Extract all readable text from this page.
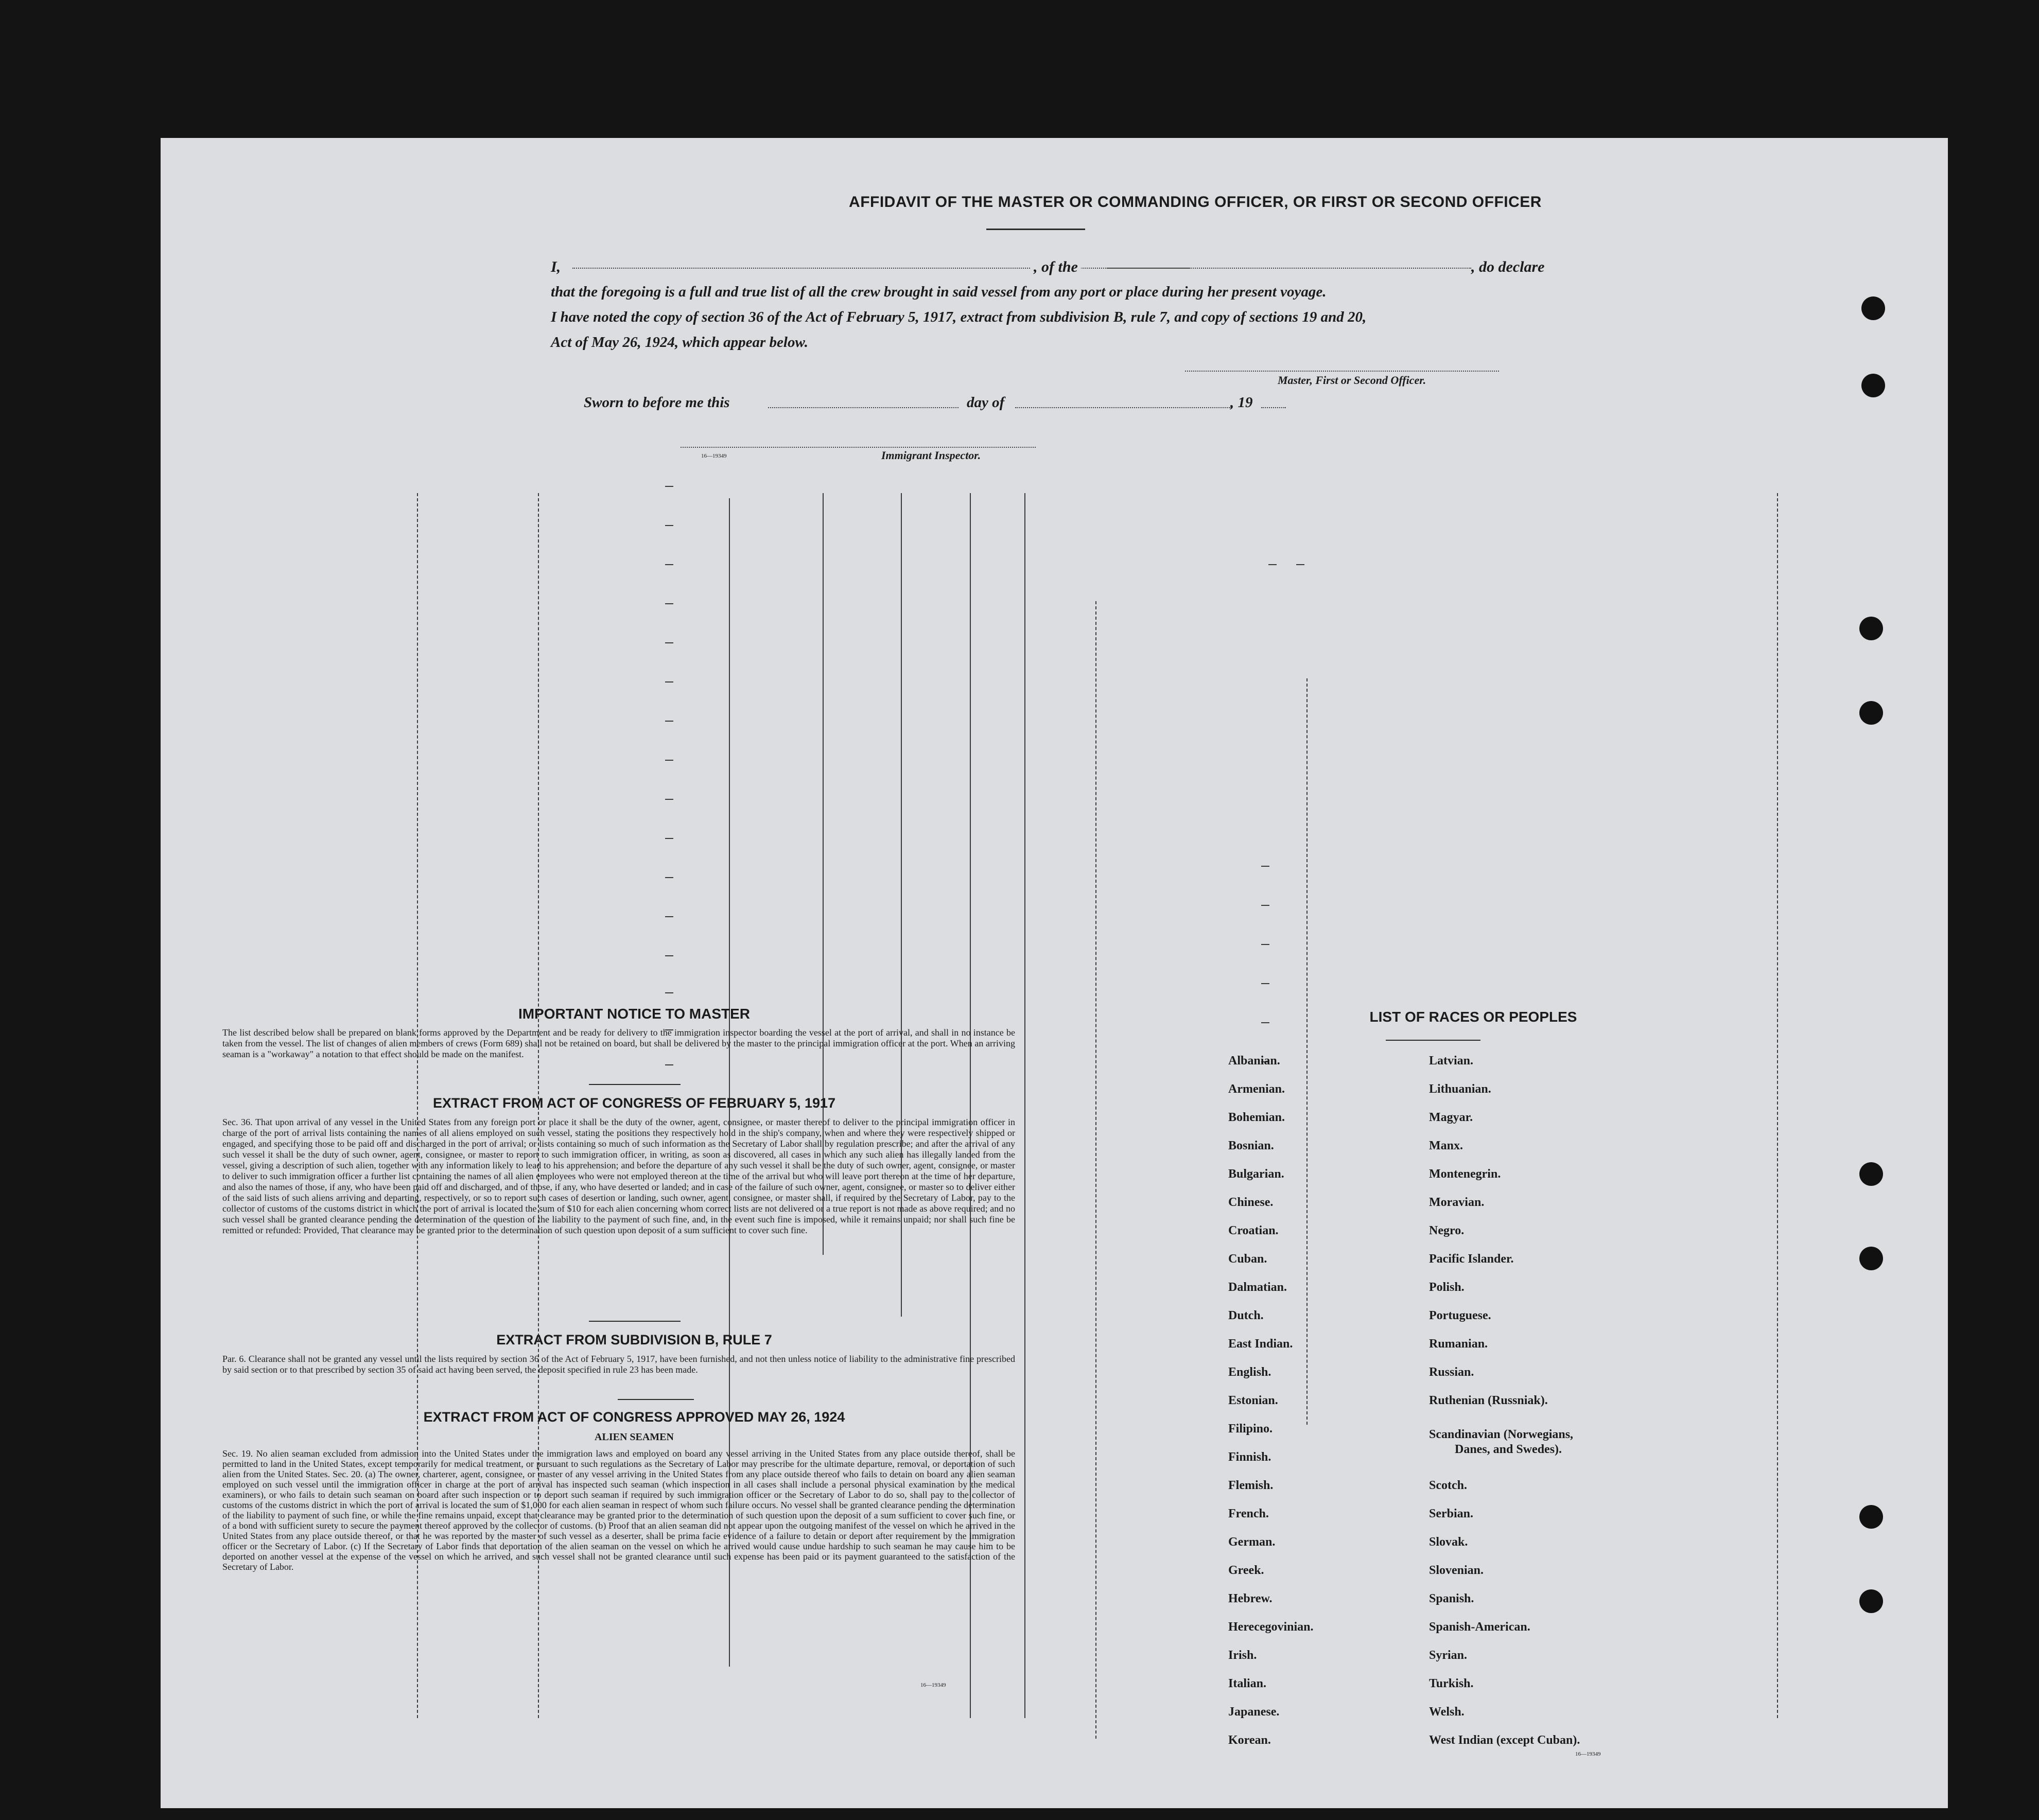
AFFIDAVIT OF THE MASTER OR COMMANDING OFFICER, OR FIRST OR SECOND OFFICER
I,	, of the	, do declare
that the foregoing is a full and true list of all the crew brought in said vessel from any port or place during her present voyage.
I have noted the copy of section 36 of the Act of February 5, 1917, extract from subdivision B, rule 7, and copy of sections 19 and 20,
Act of May 26, 1924, which appear below.
Master, First or Second Officer.
Sworn to before me this	day of	, 19
16—19349	Immigrant Inspector.
IMPORTANT NOTICE TO MASTER
The list described below shall be prepared on blank forms approved by the Department and be ready for delivery to the immigration inspector boarding the vessel at the port of arrival, and shall in no instance be taken from the vessel. The list of changes of alien members of crews (Form 689) shall not be retained on board, but shall be delivered by the master to the principal immigration officer at the port. When an arriving seaman is a "workaway" a notation to that effect should be made on the manifest.
EXTRACT FROM ACT OF CONGRESS OF FEBRUARY 5, 1917
Sec. 36. That upon arrival of any vessel in the United States from any foreign port or place it shall be the duty of the owner, agent, consignee, or master thereof to deliver to the principal immigration officer in charge of the port of arrival lists containing the names of all aliens employed on such vessel, stating the positions they respectively hold in the ship's company, when and where they were respectively shipped or engaged, and specifying those to be paid off and discharged in the port of arrival; or lists containing so much of such information as the Secretary of Labor shall by regulation prescribe; and after the arrival of any such vessel it shall be the duty of such owner, agent, consignee, or master to report to such immigration officer, in writing, as soon as discovered, all cases in which any such alien has illegally landed from the vessel, giving a description of such alien, together with any information likely to lead to his apprehension; and before the departure of any such vessel it shall be the duty of such owner, agent, consignee, or master to deliver to such immigration officer a further list containing the names of all alien employees who were not employed thereon at the time of the arrival but who will leave port thereon at the time of her departure, and also the names of those, if any, who have been paid off and discharged, and of those, if any, who have deserted or landed; and in case of the failure of such owner, agent, consignee, or master so to deliver either of the said lists of such aliens arriving and departing, respectively, or so to report such cases of desertion or landing, such owner, agent, consignee, or master shall, if required by the Secretary of Labor, pay to the collector of customs of the customs district in which the port of arrival is located the sum of $10 for each alien concerning whom correct lists are not delivered or a true report is not made as above required; and no such vessel shall be granted clearance pending the determination of the question of the liability to the payment of such fine, and, in the event such fine is imposed, while it remains unpaid; nor shall such fine be remitted or refunded: Provided, That clearance may be granted prior to the determination of such question upon deposit of a sum sufficient to cover such fine.
EXTRACT FROM SUBDIVISION B, RULE 7
Par. 6. Clearance shall not be granted any vessel until the lists required by section 36 of the Act of February 5, 1917, have been furnished, and not then unless notice of liability to the administrative fine prescribed by said section or to that prescribed by section 35 of said act having been served, the deposit specified in rule 23 has been made.
EXTRACT FROM ACT OF CONGRESS APPROVED MAY 26, 1924
ALIEN SEAMEN
Sec. 19. No alien seaman excluded from admission into the United States under the immigration laws and employed on board any vessel arriving in the United States from any place outside thereof, shall be permitted to land in the United States, except temporarily for medical treatment, or pursuant to such regulations as the Secretary of Labor may prescribe for the ultimate departure, removal, or deportation of such alien from the United States. Sec. 20. (a) The owner, charterer, agent, consignee, or master of any vessel arriving in the United States from any place outside thereof who fails to detain on board any alien seaman employed on such vessel until the immigration officer in charge at the port of arrival has inspected such seaman (which inspection in all cases shall include a personal physical examination by the medical examiners), or who fails to detain such seaman on board after such inspection or to deport such seaman if required by such immigration officer or the Secretary of Labor to do so, shall pay to the collector of customs of the customs district in which the port of arrival is located the sum of $1,000 for each alien seaman in respect of whom such failure occurs. No vessel shall be granted clearance pending the determination of the liability to payment of such fine, or while the fine remains unpaid, except that clearance may be granted prior to the determination of such question upon the deposit of a sum sufficient to cover such fine, or of a bond with sufficient surety to secure the payment thereof approved by the collector of customs. (b) Proof that an alien seaman did not appear upon the outgoing manifest of the vessel on which he arrived in the United States from any place outside thereof, or that he was reported by the master of such vessel as a deserter, shall be prima facie evidence of a failure to detain or deport after requirement by the immigration officer or the Secretary of Labor. (c) If the Secretary of Labor finds that deportation of the alien seaman on the vessel on which he arrived would cause undue hardship to such seaman he may cause him to be deported on another vessel at the expense of the vessel on which he arrived, and such vessel shall not be granted clearance until such expense has been paid or its payment guaranteed to the satisfaction of the Secretary of Labor.
16—19349
LIST OF RACES OR PEOPLES
Albanian.
Armenian.
Bohemian.
Bosnian.
Bulgarian.
Chinese.
Croatian.
Cuban.
Dalmatian.
Dutch.
East Indian.
English.
Estonian.
Filipino.
Finnish.
Flemish.
French.
German.
Greek.
Hebrew.
Herecegovinian.
Irish.
Italian.
Japanese.
Korean.
Latvian.
Lithuanian.
Magyar.
Manx.
Montenegrin.
Moravian.
Negro.
Pacific Islander.
Polish.
Portuguese.
Rumanian.
Russian.
Ruthenian (Russniak).
Scandinavian (Norwegians,
Danes, and Swedes).
Scotch.
Serbian.
Slovak.
Slovenian.
Spanish.
Spanish-American.
Syrian.
Turkish.
Welsh.
West Indian (except Cuban).
16—19349
